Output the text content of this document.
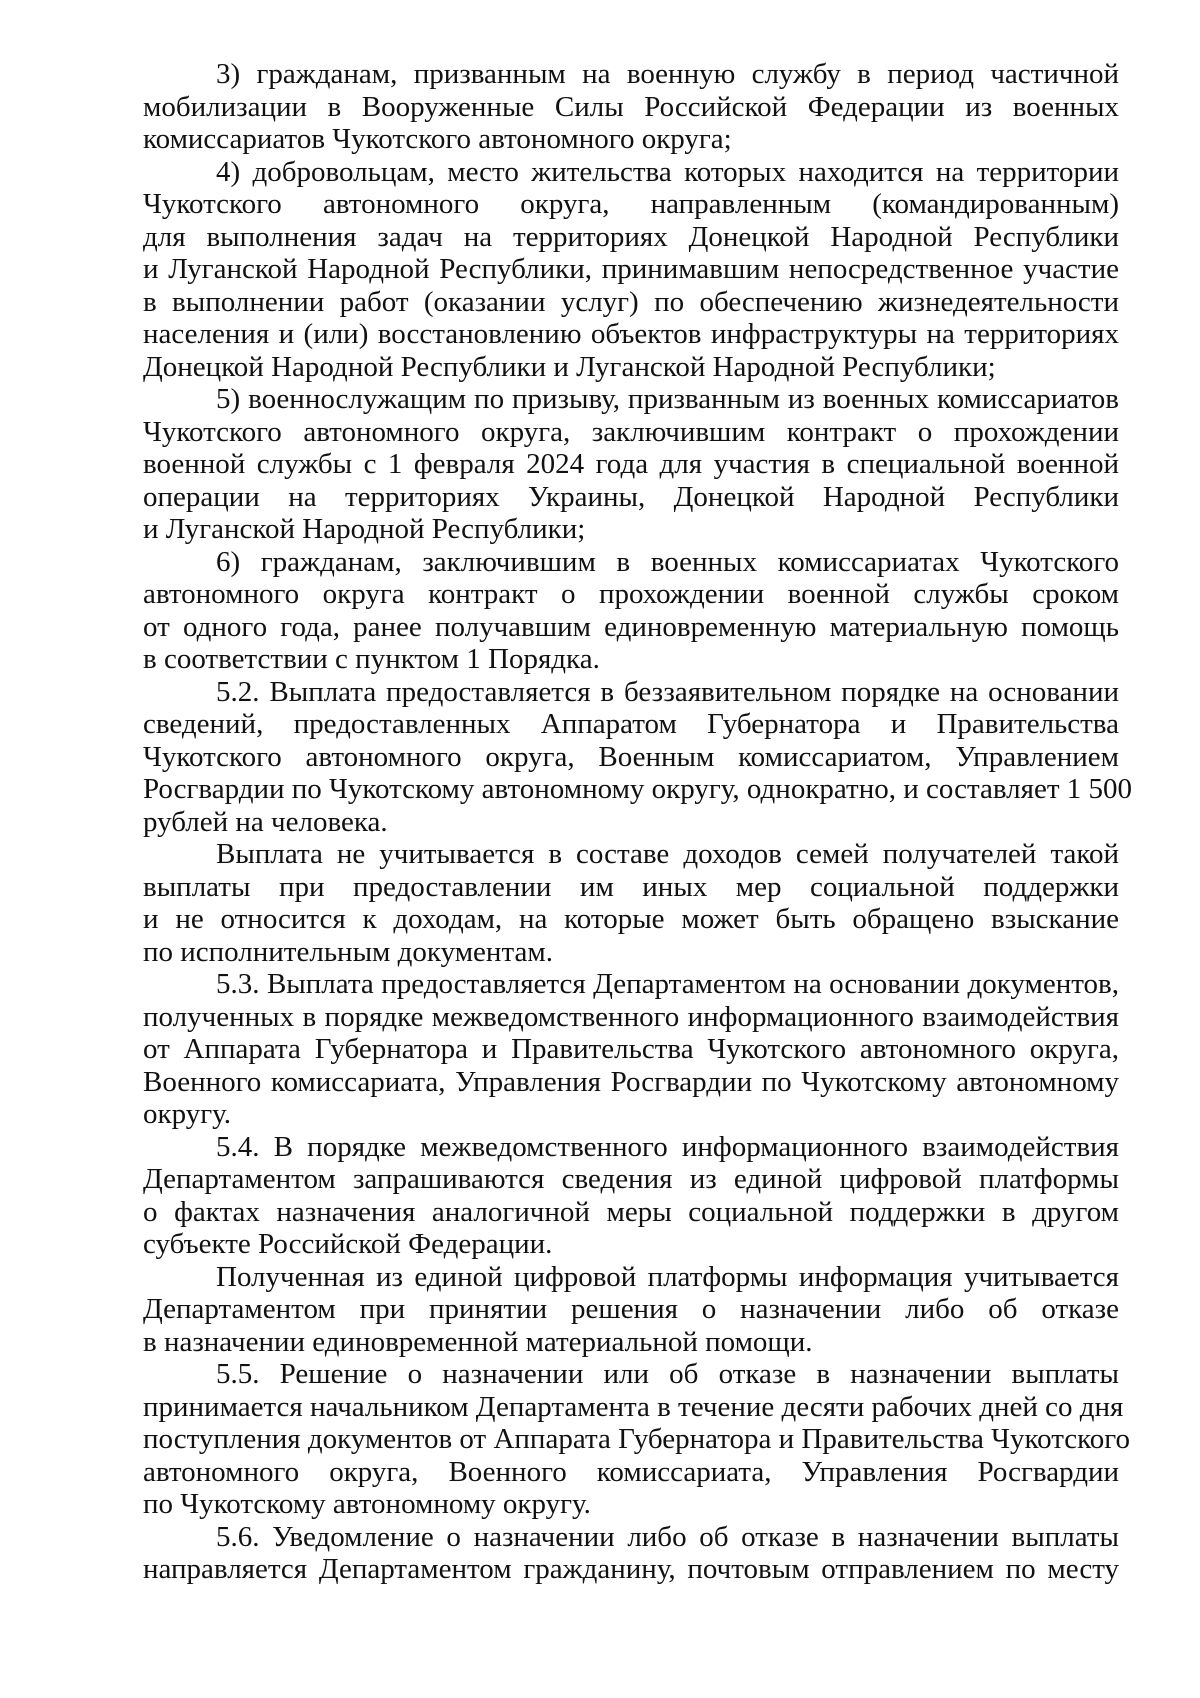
3) гражданам, призванным на военную службу в период частичной
мобилизации в Вооруженные Силы Российской Федерации из военных
комиссариатов Чукотского автономного округа;
4) добровольцам, место жительства которых находится на территории
Чукотского автономного округа, направленным (командированным)
для выполнения задач на территориях Донецкой Народной Республики
и Луганской Народной Республики, принимавшим непосредственное участие
в выполнении работ (оказании услуг) по обеспечению жизнедеятельности
населения и (или) восстановлению объектов инфраструктуры на территориях
Донецкой Народной Республики и Луганской Народной Республики;
5) военнослужащим по призыву, призванным из военных комиссариатов
Чукотского автономного округа, заключившим контракт о прохождении
военной службы с 1 февраля 2024 года для участия в специальной военной
операции на территориях Украины, Донецкой Народной Республики
и Луганской Народной Республики;
6) гражданам, заключившим в военных комиссариатах Чукотского
автономного округа контракт о прохождении военной службы сроком
от одного года, ранее получавшим единовременную материальную помощь
в соответствии с пунктом 1 Порядка.
5.2. Выплата предоставляется в беззаявительном порядке на основании
сведений, предоставленных Аппаратом Губернатора и Правительства
Чукотского автономного округа, Военным комиссариатом, Управлением
Росгвардии по Чукотскому автономному округу, однократно, и составляет 1 500
рублей на человека.
Выплата не учитывается в составе доходов семей получателей такой
выплаты при предоставлении им иных мер социальной поддержки
и не относится к доходам, на которые может быть обращено взыскание
по исполнительным документам.
5.3. Выплата предоставляется Департаментом на основании документов,
полученных в порядке межведомственного информационного взаимодействия
от Аппарата Губернатора и Правительства Чукотского автономного округа,
Военного комиссариата, Управления Росгвардии по Чукотскому автономному
округу.
5.4. В порядке межведомственного информационного взаимодействия
Департаментом запрашиваются сведения из единой цифровой платформы
о фактах назначения аналогичной меры социальной поддержки в другом
субъекте Российской Федерации.
Полученная из единой цифровой платформы информация учитывается
Департаментом при принятии решения о назначении либо об отказе
в назначении единовременной материальной помощи.
5.5. Решение о назначении или об отказе в назначении выплаты
принимается начальником Департамента в течение десяти рабочих дней со дня
поступления документов от Аппарата Губернатора и Правительства Чукотского
автономного округа, Военного комиссариата, Управления Росгвардии
по Чукотскому автономному округу.
5.6. Уведомление о назначении либо об отказе в назначении выплаты
направляется Департаментом гражданину, почтовым отправлением по месту
